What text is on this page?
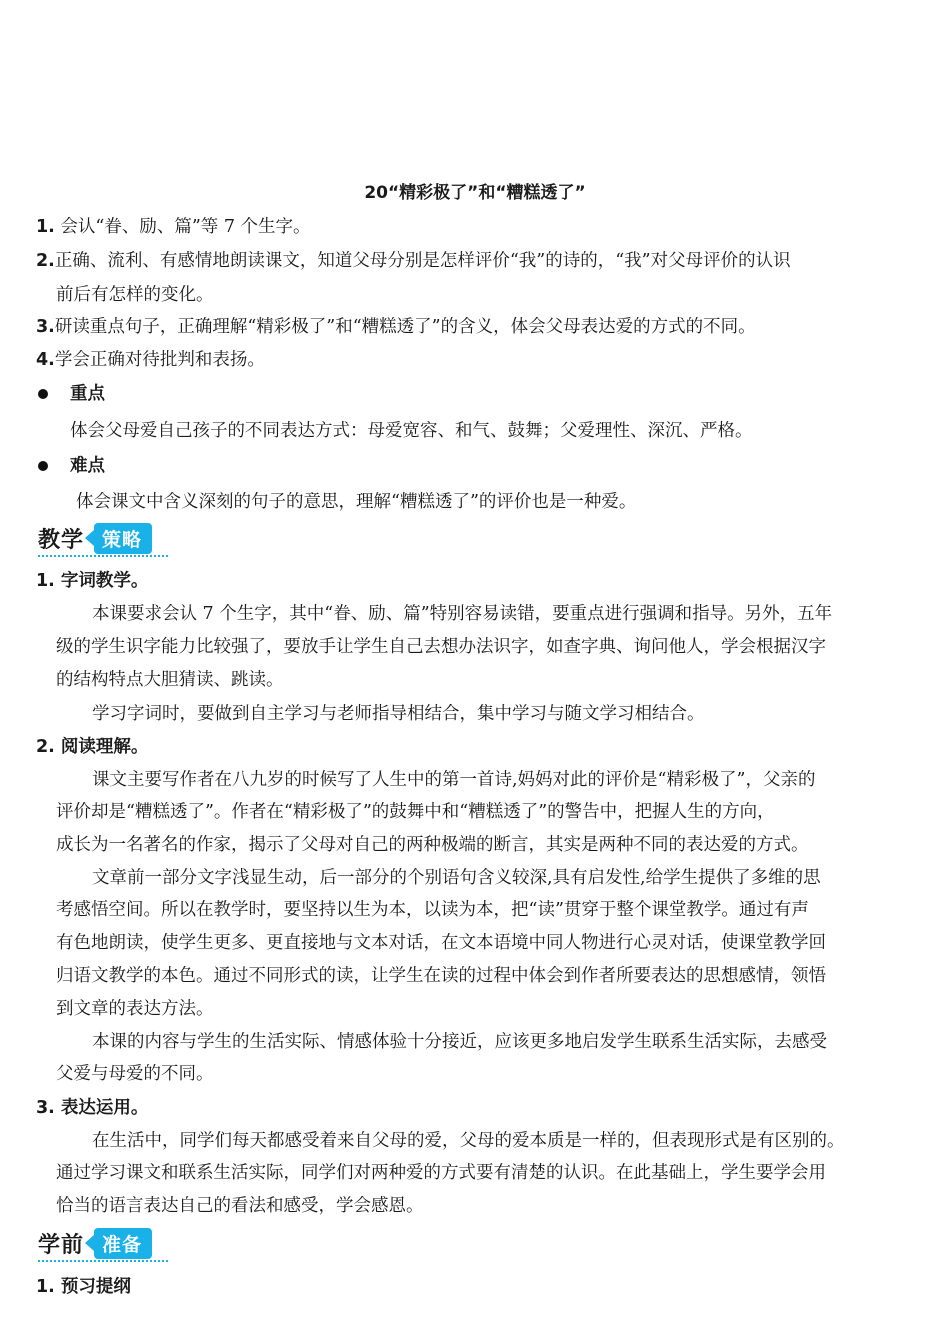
20“精彩极了”和“糟糕透了”
1. 会认“眷、励、篇”等 7 个生字。
2.正确、流利、有感情地朗读课文，知道父母分别是怎样评价“我”的诗的，“我”对父母评价的认识
前后有怎样的变化。
3.研读重点句子，正确理解“精彩极了”和“糟糕透了”的含义，体会父母表达爱的方式的不同。
4.学会正确对待批判和表扬。
重点
体会父母爱自己孩子的不同表达方式：母爱宽容、和气、鼓舞；父爱理性、深沉、严格。
难点
体会课文中含义深刻的句子的意思，理解“糟糕透了”的评价也是一种爱。
教学 策略
1. 字词教学。
本课要求会认 7 个生字，其中“眷、励、篇”特别容易读错，要重点进行强调和指导。另外，五年
级的学生识字能力比较强了，要放手让学生自己去想办法识字，如查字典、询问他人，学会根据汉字
的结构特点大胆猜读、跳读。
学习字词时，要做到自主学习与老师指导相结合，集中学习与随文学习相结合。
2. 阅读理解。
课文主要写作者在八九岁的时候写了人生中的第一首诗,妈妈对此的评价是“精彩极了”，父亲的
评价却是“糟糕透了”。作者在“精彩极了”的鼓舞中和“糟糕透了”的警告中，把握人生的方向，
成长为一名著名的作家，揭示了父母对自己的两种极端的断言，其实是两种不同的表达爱的方式。
文章前一部分文字浅显生动，后一部分的个别语句含义较深,具有启发性,给学生提供了多维的思
考感悟空间。所以在教学时，要坚持以生为本，以读为本，把“读”贯穿于整个课堂教学。通过有声
有色地朗读，使学生更多、更直接地与文本对话，在文本语境中同人物进行心灵对话，使课堂教学回
归语文教学的本色。通过不同形式的读，让学生在读的过程中体会到作者所要表达的思想感情，领悟
到文章的表达方法。
本课的内容与学生的生活实际、情感体验十分接近，应该更多地启发学生联系生活实际，去感受
父爱与母爱的不同。
3. 表达运用。
在生活中，同学们每天都感受着来自父母的爱，父母的爱本质是一样的，但表现形式是有区别的。
通过学习课文和联系生活实际，同学们对两种爱的方式要有清楚的认识。在此基础上，学生要学会用
恰当的语言表达自己的看法和感受，学会感恩。
学前 准备
1. 预习提纲
